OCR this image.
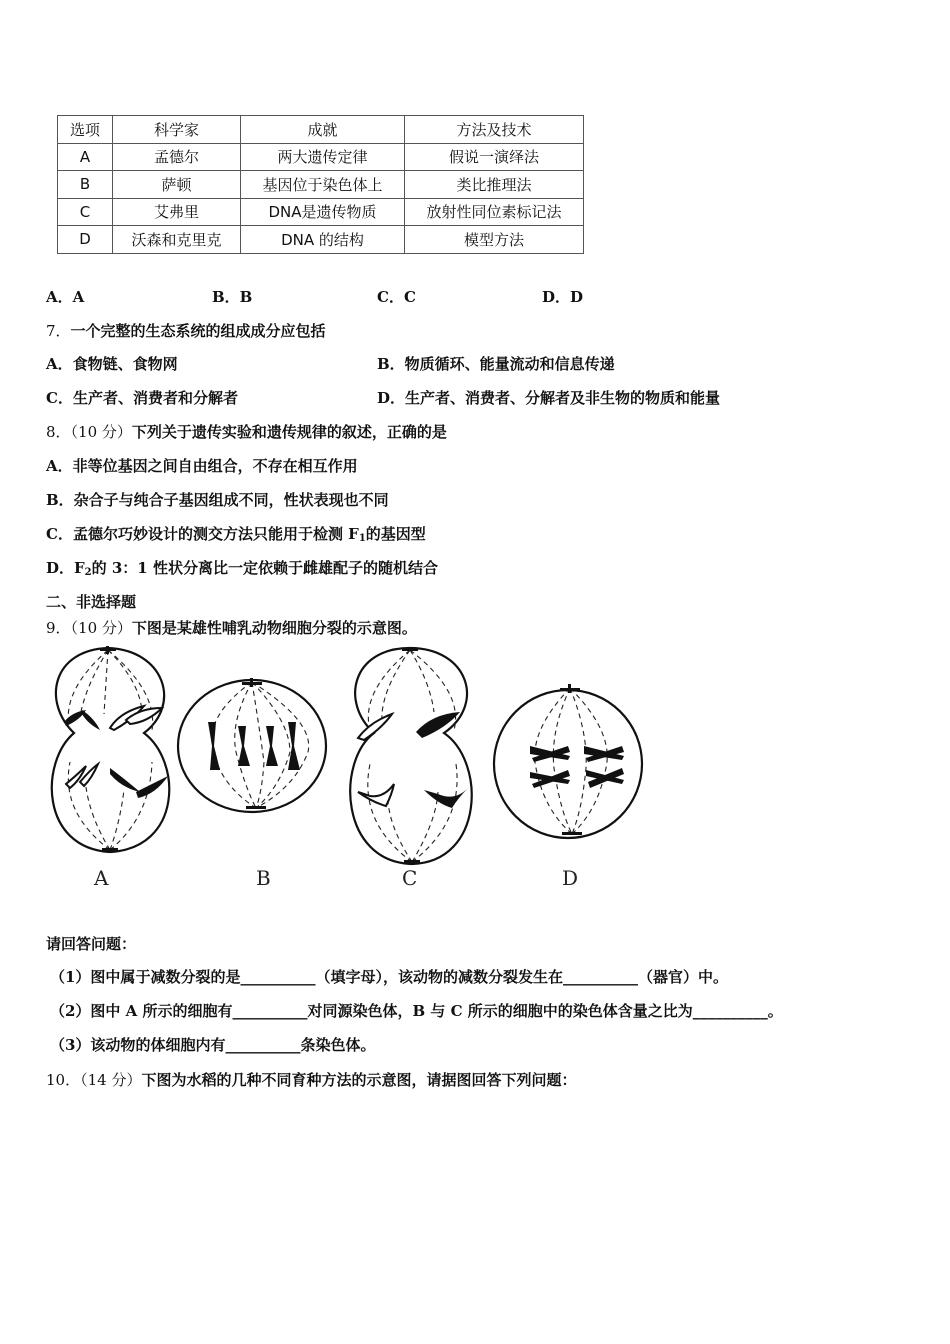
选项	科学家	成就	方法及技术
A	孟德尔	两大遗传定律	假说一演绎法
B	萨顿	基因位于染色体上	类比推理法
C	艾弗里	DNA是遗传物质	放射性同位素标记法
D	沃森和克里克	DNA 的结构	模型方法
A．A	B．B	C．C	D．D
7．一个完整的生态系统的组成成分应包括
A．食物链、食物网	B．物质循环、能量流动和信息传递
C．生产者、消费者和分解者	D．生产者、消费者、分解者及非生物的物质和能量
8．（10 分）下列关于遗传实验和遗传规律的叙述，正确的是
A．非等位基因之间自由组合，不存在相互作用
B．杂合子与纯合子基因组成不同，性状表现也不同
C．孟德尔巧妙设计的测交方法只能用于检测 $F_1$的基因型
D．$F_2$的 3：1 性状分离比一定依赖于雌雄配子的随机结合
二、非选择题
9．（10 分）下图是某雄性哺乳动物细胞分裂的示意图。
A	B	C	D
请回答问题：
（1）图中属于减数分裂的是__________（填字母），该动物的减数分裂发生在__________（器官）中。
（2）图中 A 所示的细胞有__________对同源染色体，B 与 C 所示的细胞中的染色体含量之比为__________。
（3）该动物的体细胞内有__________条染色体。
10．（14 分）下图为水稻的几种不同育种方法的示意图，请据图回答下列问题：
